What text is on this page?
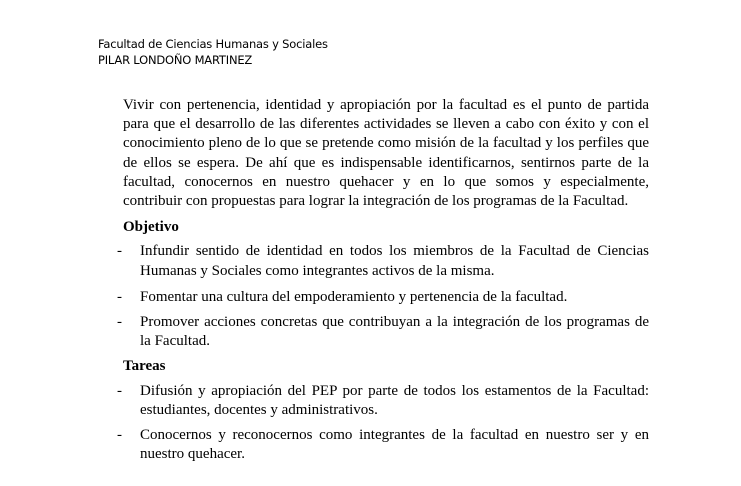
Facultad de Ciencias Humanas y Sociales
PILAR LONDOÑO MARTINEZ

Vivir con pertenencia, identidad y apropiación por la facultad es el punto de partida para que el desarrollo de las diferentes actividades se lleven a cabo con éxito y con el conocimiento pleno de lo que se pretende como misión de la facultad y los perfiles que de ellos se espera. De ahí que es indispensable identificarnos, sentirnos parte de la facultad, conocernos en nuestro quehacer y en lo que somos y especialmente, contribuir con propuestas para lograr la integración de los programas de la Facultad.

Objetivo

- Infundir sentido de identidad en todos los miembros de la Facultad de Ciencias Humanas y Sociales como integrantes activos de la misma.
- Fomentar una cultura del empoderamiento y pertenencia de la facultad.
- Promover acciones concretas que contribuyan a la integración de los programas de la Facultad.

Tareas

- Difusión y apropiación del PEP por parte de todos los estamentos de la Facultad: estudiantes, docentes y administrativos.
- Conocernos y reconocernos como integrantes de la facultad en nuestro ser y en nuestro quehacer.
